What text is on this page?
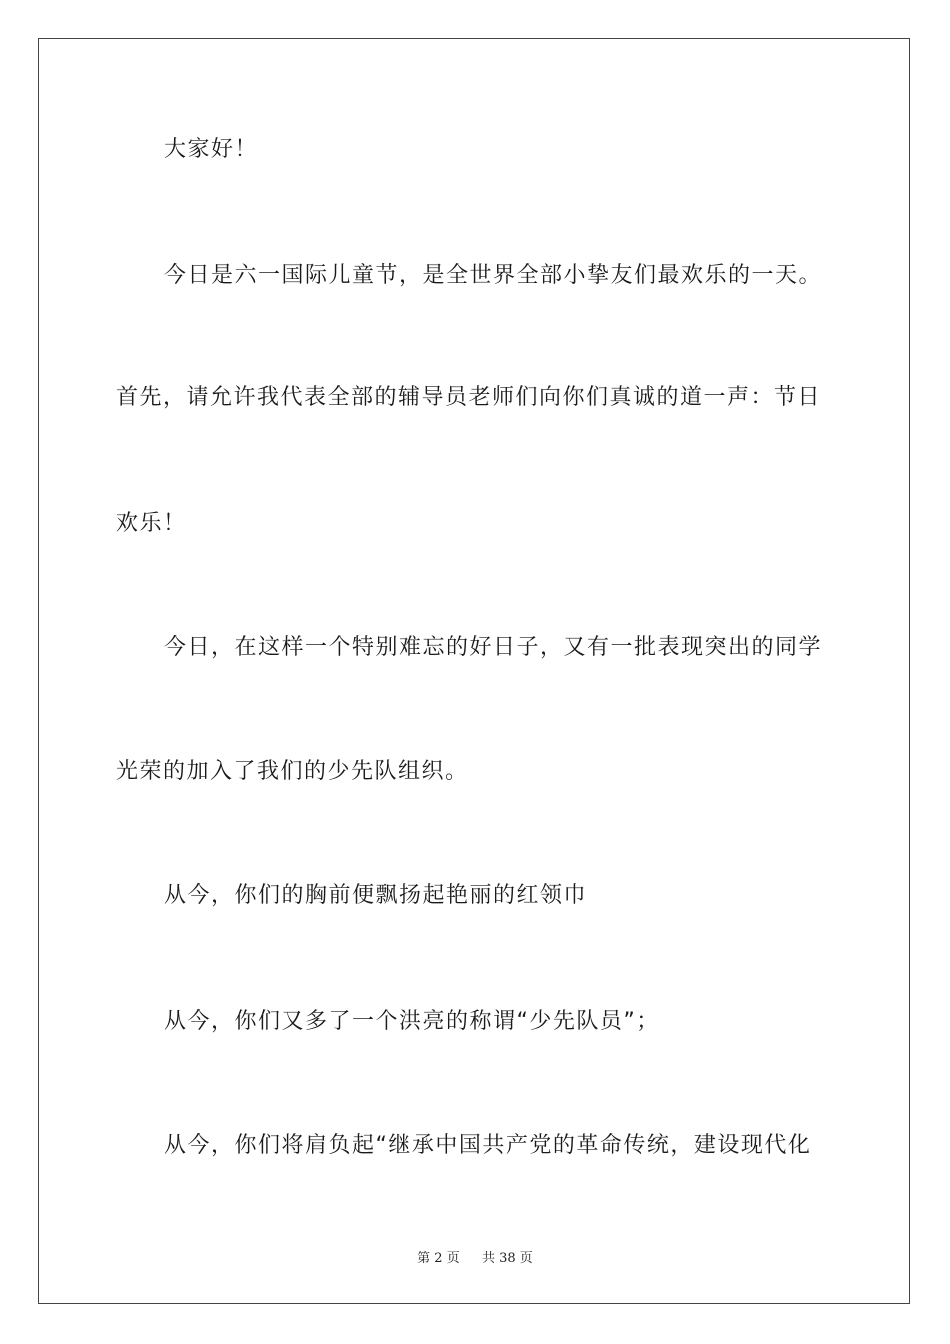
大家好！
今日是六一国际儿童节，是全世界全部小挚友们最欢乐的一天。
首先，请允许我代表全部的辅导员老师们向你们真诚的道一声：节日
欢乐！
今日，在这样一个特别难忘的好日子，又有一批表现突出的同学
光荣的加入了我们的少先队组织。
从今，你们的胸前便飘扬起艳丽的红领巾
从今，你们又多了一个洪亮的称谓“少先队员”；
从今，你们将肩负起“继承中国共产党的革命传统，建设现代化
第 2 页 共 38 页
